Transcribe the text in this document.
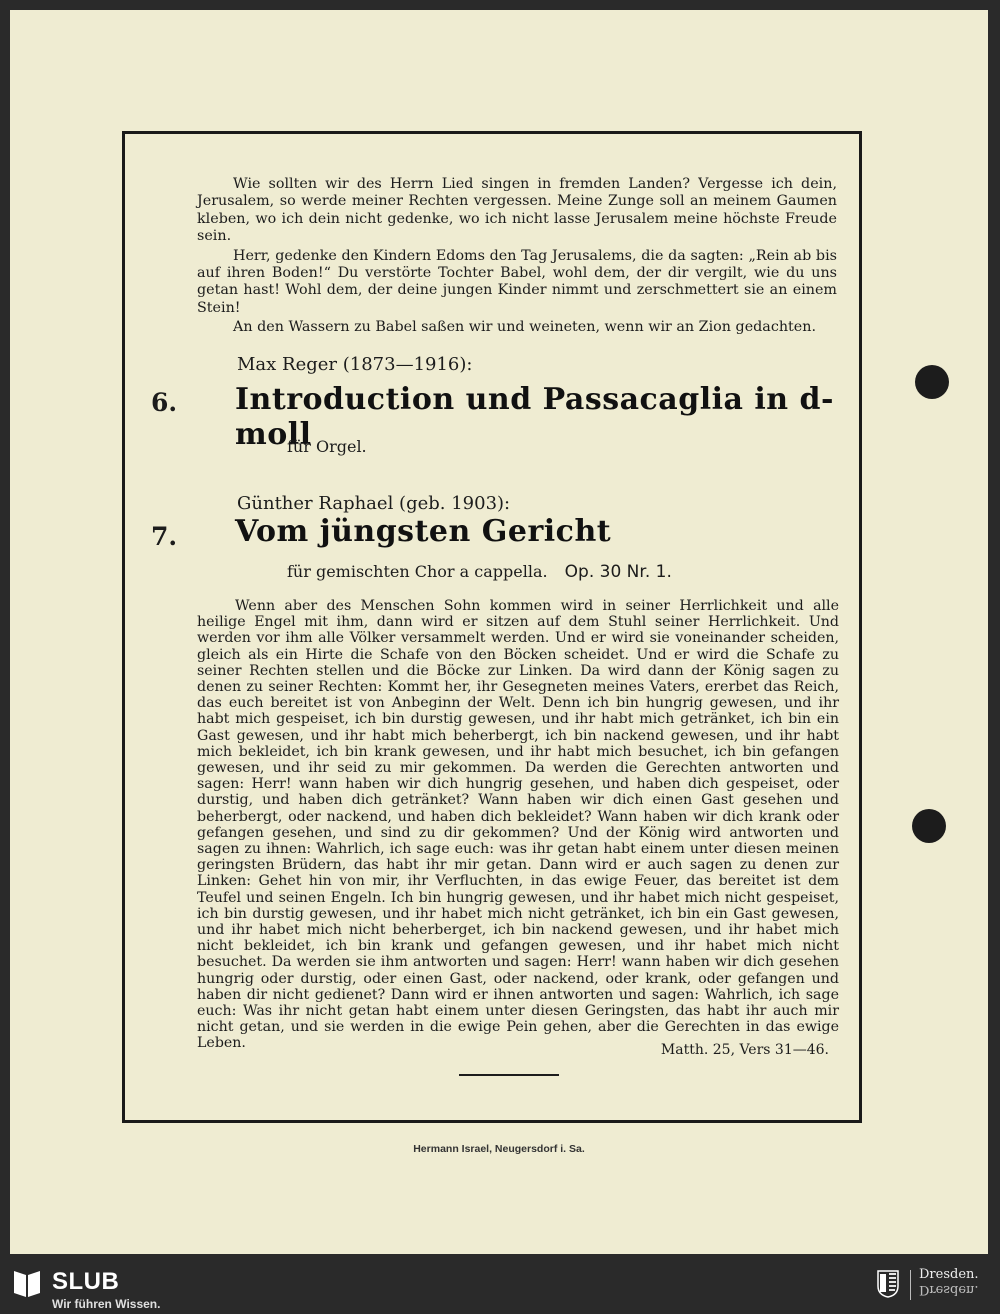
Wie sollten wir des Herrn Lied singen in fremden Landen? Vergesse ich dein, Jerusalem, so werde meiner Rechten vergessen. Meine Zunge soll an meinem Gaumen kleben, wo ich dein nicht gedenke, wo ich nicht lasse Jerusalem meine höchste Freude sein.

Herr, gedenke den Kindern Edoms den Tag Jerusalems, die da sagten: „Rein ab bis auf ihren Boden!“ Du verstörte Tochter Babel, wohl dem, der dir vergilt, wie du uns getan hast! Wohl dem, der deine jungen Kinder nimmt und zerschmettert sie an einem Stein!

An den Wassern zu Babel saßen wir und weineten, wenn wir an Zion gedachten.

Max Reger (1873—1916):
6. Introduction und Passacaglia in d-moll
für Orgel.
Günther Raphael (geb. 1903):
7. Vom jüngsten Gericht
für gemischten Chor a cappella. Op. 30 Nr. 1.
Wenn aber des Menschen Sohn kommen wird in seiner Herrlichkeit und alle heilige Engel mit ihm, dann wird er sitzen auf dem Stuhl seiner Herrlichkeit. Und werden vor ihm alle Völker versammelt werden. Und er wird sie voneinander scheiden, gleich als ein Hirte die Schafe von den Böcken scheidet. Und er wird die Schafe zu seiner Rechten stellen und die Böcke zur Linken. Da wird dann der König sagen zu denen zu seiner Rechten: Kommt her, ihr Gesegneten meines Vaters, ererbet das Reich, das euch bereitet ist von Anbeginn der Welt. Denn ich bin hungrig gewesen, und ihr habt mich gespeiset, ich bin durstig gewesen, und ihr habt mich getränket, ich bin ein Gast gewesen, und ihr habt mich beherbergt, ich bin nackend gewesen, und ihr habt mich bekleidet, ich bin krank gewesen, und ihr habt mich besuchet, ich bin gefangen gewesen, und ihr seid zu mir gekommen. Da werden die Gerechten antworten und sagen: Herr! wann haben wir dich hungrig gesehen, und haben dich gespeiset, oder durstig, und haben dich getränket? Wann haben wir dich einen Gast gesehen und beherbergt, oder nackend, und haben dich bekleidet? Wann haben wir dich krank oder gefangen gesehen, und sind zu dir gekommen? Und der König wird antworten und sagen zu ihnen: Wahrlich, ich sage euch: was ihr getan habt einem unter diesen meinen geringsten Brüdern, das habt ihr mir getan. Dann wird er auch sagen zu denen zur Linken: Gehet hin von mir, ihr Verfluchten, in das ewige Feuer, das bereitet ist dem Teufel und seinen Engeln. Ich bin hungrig gewesen, und ihr habet mich nicht gespeiset, ich bin durstig gewesen, und ihr habet mich nicht getränket, ich bin ein Gast gewesen, und ihr habet mich nicht beherberget, ich bin nackend gewesen, und ihr habet mich nicht bekleidet, ich bin krank und gefangen gewesen, und ihr habet mich nicht besuchet. Da werden sie ihm antworten und sagen: Herr! wann haben wir dich gesehen hungrig oder durstig, oder einen Gast, oder nackend, oder krank, oder gefangen und haben dir nicht gedienet? Dann wird er ihnen antworten und sagen: Wahrlich, ich sage euch: Was ihr nicht getan habt einem unter diesen Geringsten, das habt ihr auch mir nicht getan, und sie werden in die ewige Pein gehen, aber die Gerechten in das ewige Leben.	Matth. 25, Vers 31—46.
Hermann Israel, Neugersdorf i. Sa.
SLUB
Wir führen Wissen.
Dresden.
Dresden.
